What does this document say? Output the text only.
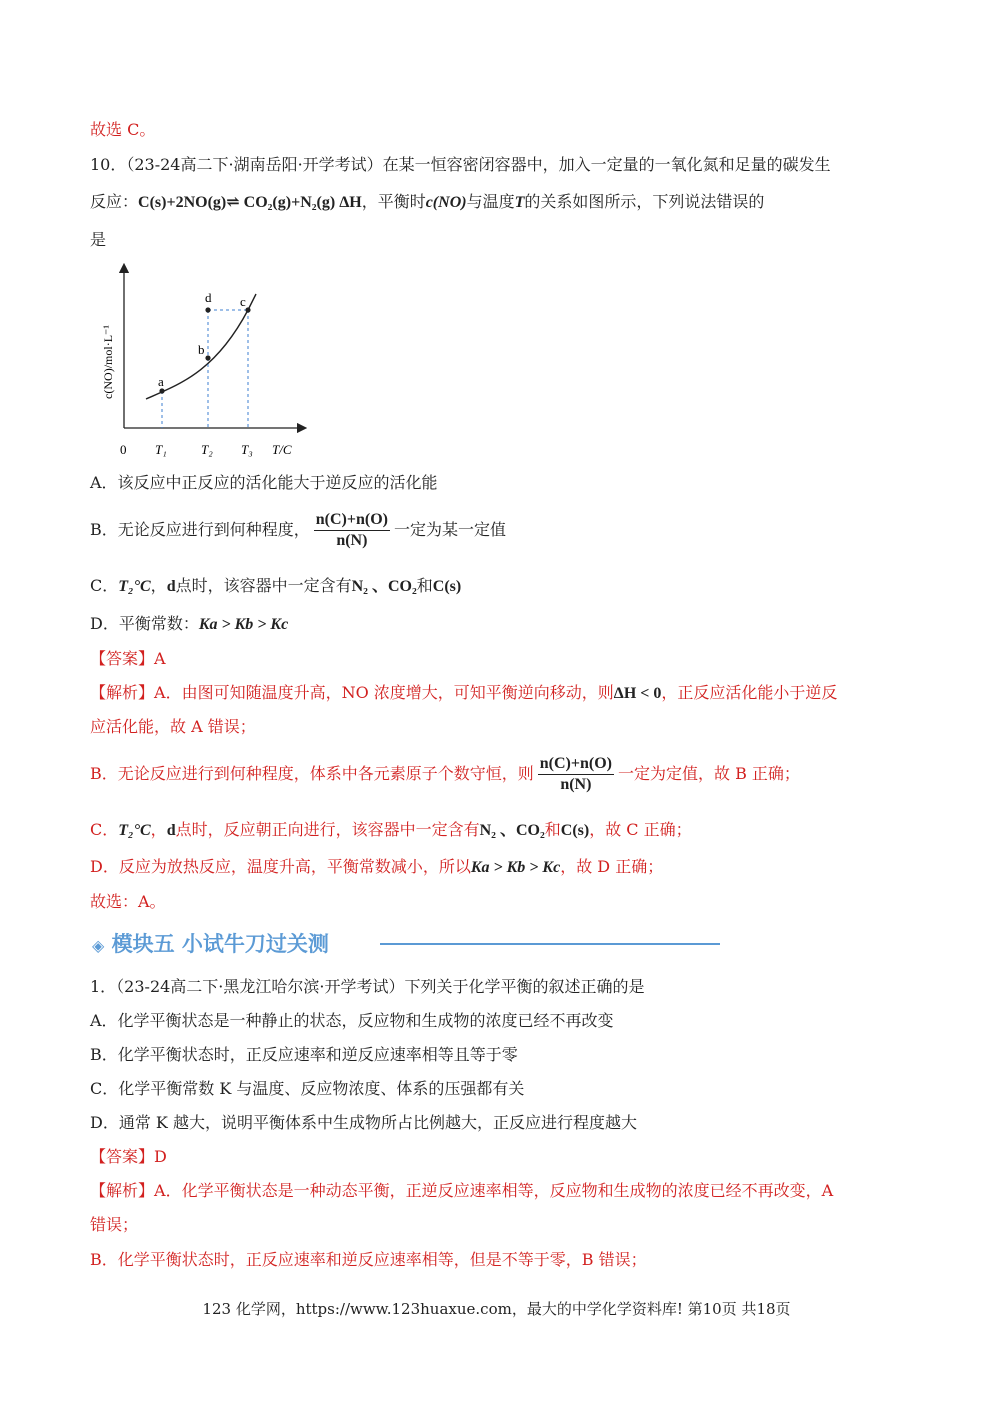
故选 C。
10．（23-24高二下·湖南岳阳·开学考试）在某一恒容密闭容器中，加入一定量的一氧化氮和足量的碳发生
反应：C(s)+2NO(g)⇌ CO₂(g)+N₂(g) ΔH，平衡时c(NO)与温度T的关系如图所示，下列说法错误的
是
a
b
c
d
0 T₁	T₂ T₃ T/C
c(NO)/mol·L⁻¹
A．该反应中正反应的活化能大于逆反应的活化能
B．无论反应进行到何种程度， $\frac{n(C)+n(O)}{n(N)}$ 一定为某一定值
C．T₂°C，d点时，该容器中一定含有N₂ 、CO₂和C(s)
D．平衡常数：Ka > Kb > Kc
【答案】A
【解析】A．由图可知随温度升高，NO 浓度增大，可知平衡逆向移动，则ΔH < 0，正反应活化能小于逆反
应活化能，故 A 错误；
B．无论反应进行到何种程度，体系中各元素原子个数守恒，则 $\frac{n(C)+n(O)}{n(N)}$ 一定为定值，故 B 正确；
C．T₂°C，d点时，反应朝正向进行，该容器中一定含有N₂ 、CO₂和C(s)，故 C 正确；
D．反应为放热反应，温度升高，平衡常数减小，所以Ka > Kb > Kc，故 D 正确；
故选：A。
◈ 模块五 小试牛刀过关测
1．（23-24高二下·黑龙江哈尔滨·开学考试）下列关于化学平衡的叙述正确的是
A．化学平衡状态是一种静止的状态，反应物和生成物的浓度已经不再改变
B．化学平衡状态时，正反应速率和逆反应速率相等且等于零
C．化学平衡常数 K 与温度、反应物浓度、体系的压强都有关
D．通常 K 越大，说明平衡体系中生成物所占比例越大，正反应进行程度越大
【答案】D
【解析】A．化学平衡状态是一种动态平衡，正逆反应速率相等，反应物和生成物的浓度已经不再改变，A
错误；
B．化学平衡状态时，正反应速率和逆反应速率相等，但是不等于零，B 错误；
123 化学网，https://www.123huaxue.com，最大的中学化学资料库! 第10页 共18页
